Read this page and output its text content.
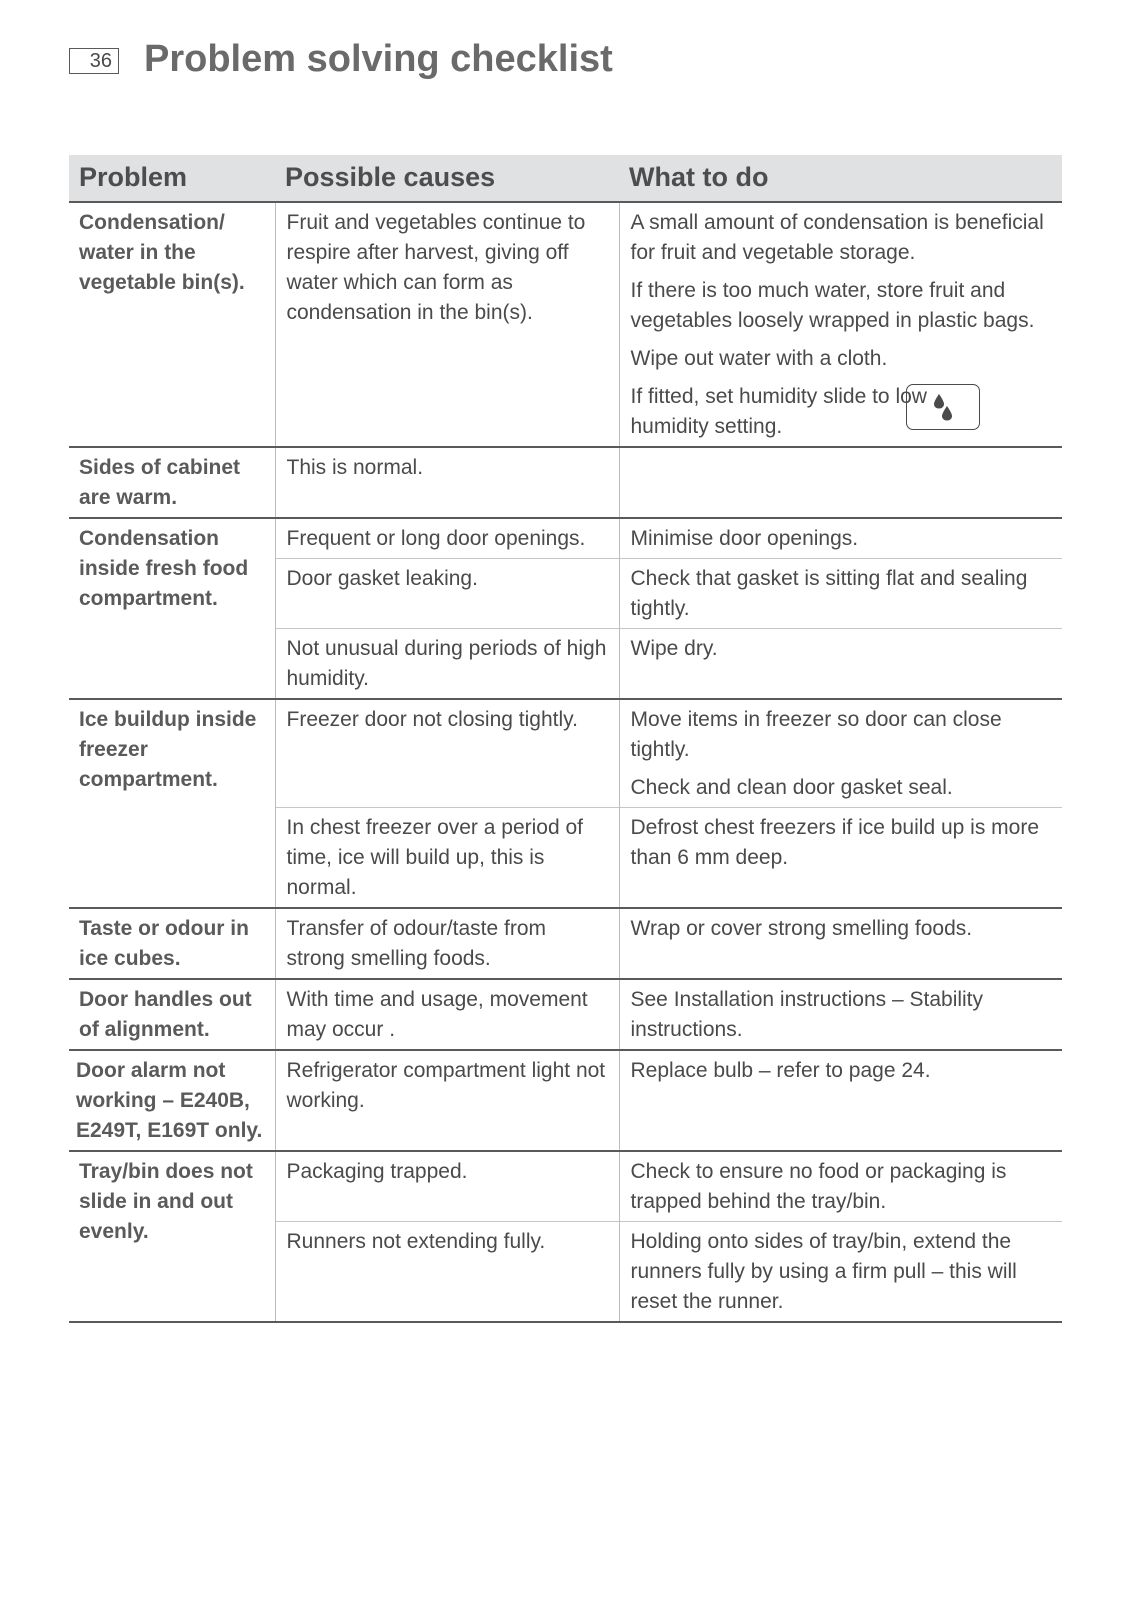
36 Problem solving checklist
Problem	Possible causes	What to do
Condensation/ water in the vegetable bin(s).	Fruit and vegetables continue to respire after harvest, giving off water which can form as condensation in the bin(s).	A small amount of condensation is beneficial for fruit and vegetable storage.

If there is too much water, store fruit and vegetables loosely wrapped in plastic bags.

Wipe out water with a cloth.

If fitted, set humidity slide to low humidity setting.

Sides of cabinet are warm.	This is normal.	
Condensation inside fresh food compartment.	Frequent or long door openings.	Minimise door openings.
	Door gasket leaking.	Check that gasket is sitting flat and sealing tightly.
	Not unusual during periods of high humidity.	Wipe dry.
Ice buildup inside freezer compartment.	Freezer door not closing tightly.	Move items in freezer so door can close tightly.

Check and clean door gasket seal.

	In chest freezer over a period of time, ice will build up, this is normal.	Defrost chest freezers if ice build up is more than 6 mm deep.
Taste or odour in ice cubes.	Transfer of odour/taste from strong smelling foods.	Wrap or cover strong smelling foods.
Door handles out of alignment.	With time and usage, movement may occur .	See Installation instructions – Stability instructions.
Door alarm not working – E240B, E249T, E169T only.	Refrigerator compartment light not working.	Replace bulb – refer to page 24.
Tray/bin does not slide in and out evenly.	Packaging trapped.	Check to ensure no food or packaging is trapped behind the tray/bin.
	Runners not extending fully.	Holding onto sides of tray/bin, extend the runners fully by using a firm pull – this will reset the runner.
